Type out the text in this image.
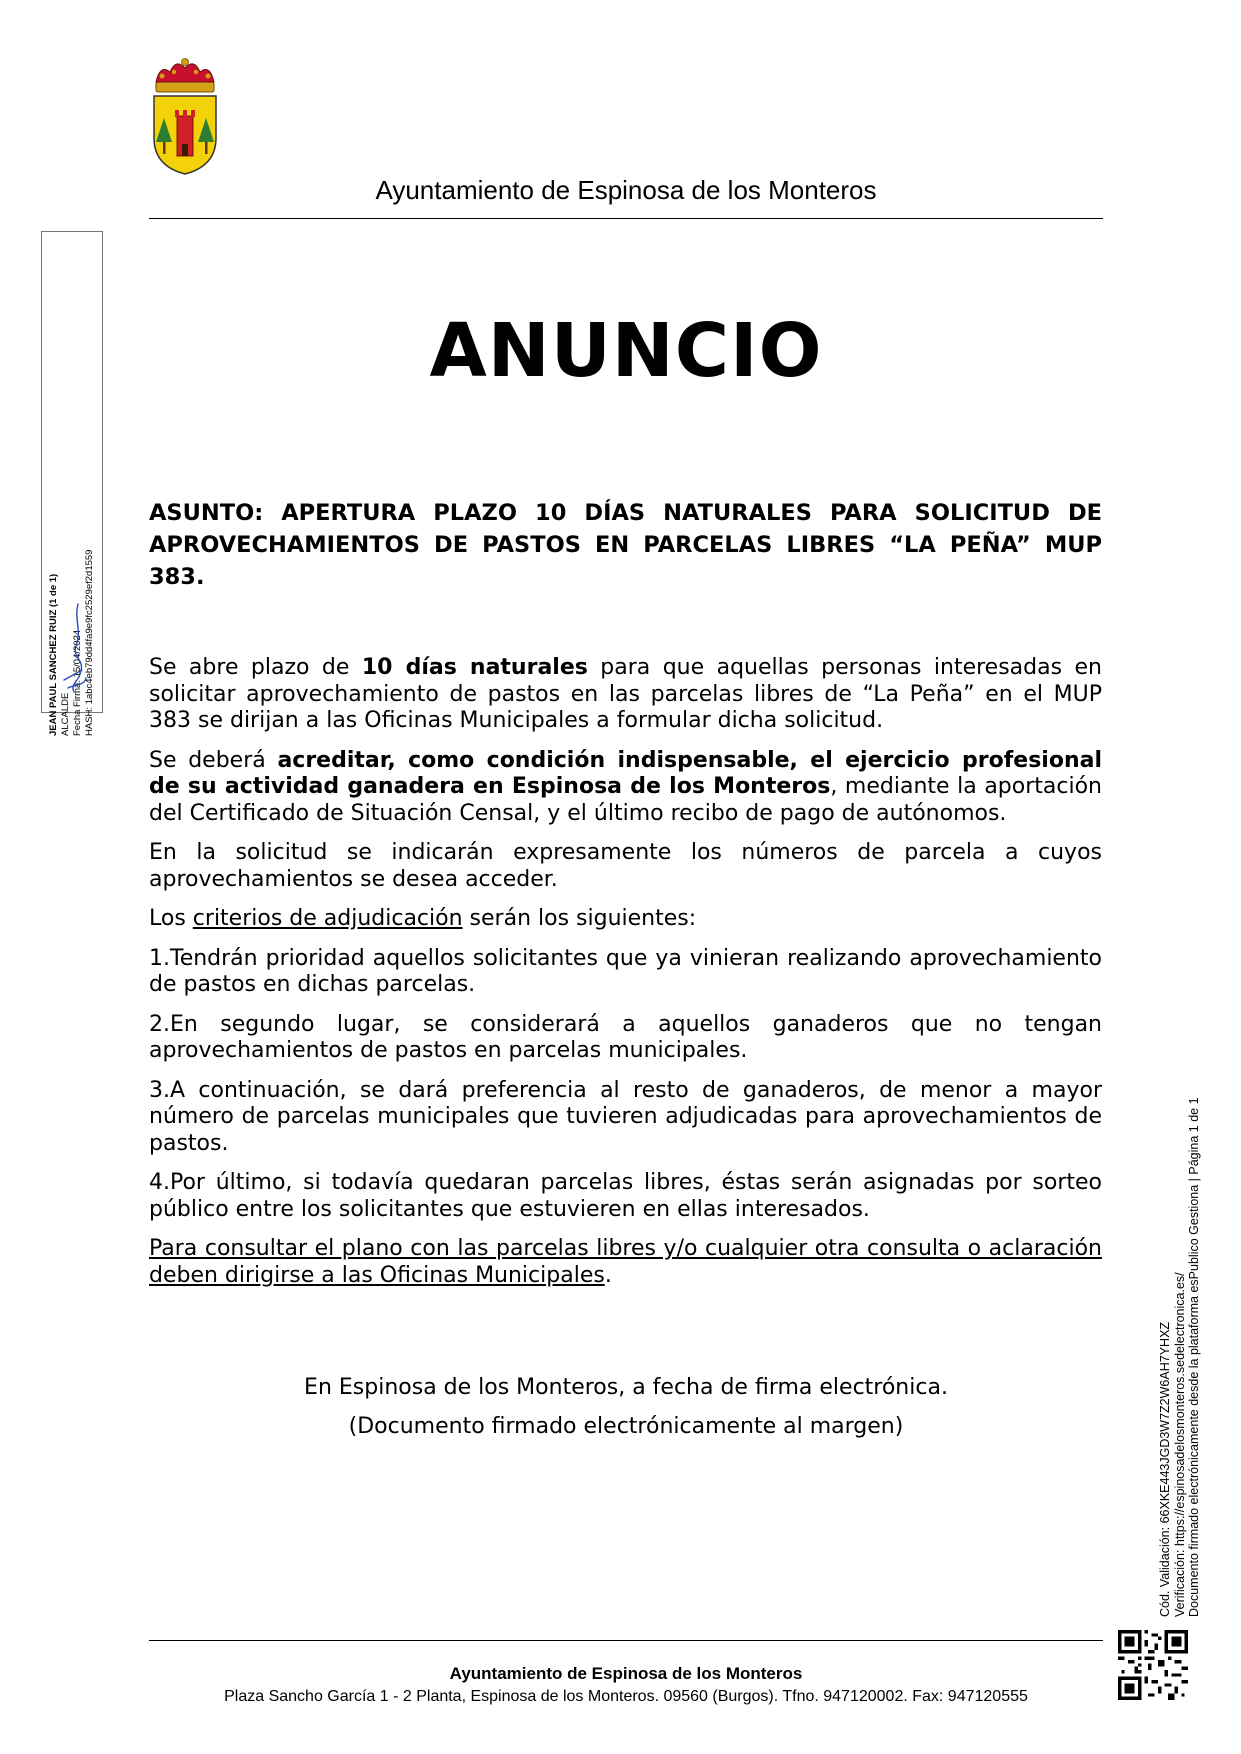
Ayuntamiento de Espinosa de los Monteros
ANUNCIO
ASUNTO: APERTURA PLAZO 10 DÍAS NATURALES PARA SOLICITUD DE APROVECHAMIENTOS DE PASTOS EN PARCELAS LIBRES “LA PEÑA” MUP 383.

Se abre plazo de 10 días naturales para que aquellas personas interesadas en solicitar aprovechamiento de pastos en las parcelas libres de “La Peña” en el MUP 383 se dirijan a las Oficinas Municipales a formular dicha solicitud.

Se deberá acreditar, como condición indispensable, el ejercicio profesional de su actividad ganadera en Espinosa de los Monteros, mediante la aportación del Certificado de Situación Censal, y el último recibo de pago de autónomos.

En la solicitud se indicarán expresamente los números de parcela a cuyos aprovechamientos se desea acceder.

Los criterios de adjudicación serán los siguientes:

1.Tendrán prioridad aquellos solicitantes que ya vinieran realizando aprovechamiento de pastos en dichas parcelas.

2.En segundo lugar, se considerará a aquellos ganaderos que no tengan aprovechamientos de pastos en parcelas municipales.

3.A continuación, se dará preferencia al resto de ganaderos, de menor a mayor número de parcelas municipales que tuvieren adjudicadas para aprovechamientos de pastos.

4.Por último, si todavía quedaran parcelas libres, éstas serán asignadas por sorteo público entre los solicitantes que estuvieren en ellas interesados.

Para consultar el plano con las parcelas libres y/o cualquier otra consulta o aclaración deben dirigirse a las Oficinas Municipales.

En Espinosa de los Monteros, a fecha de firma electrónica.
(Documento firmado electrónicamente al margen)
JEAN PAUL SANCHEZ RUIZ (1 de 1) ALCALDE Fecha Firma: 15/04/2024 HASH: 1abc4eb79dd4fa9e9fc2529ef2d1559
Cód. Validación: 66XKE443JGD3W7Z2W6AH7YHXZ Verificación: https://espinosadelosmonteros.sedelectronica.es/ Documento firmado electrónicamente desde la plataforma esPublico Gestiona | Página 1 de 1
Ayuntamiento de Espinosa de los Monteros
Plaza Sancho García 1 - 2 Planta, Espinosa de los Monteros. 09560 (Burgos). Tfno. 947120002. Fax: 947120555
